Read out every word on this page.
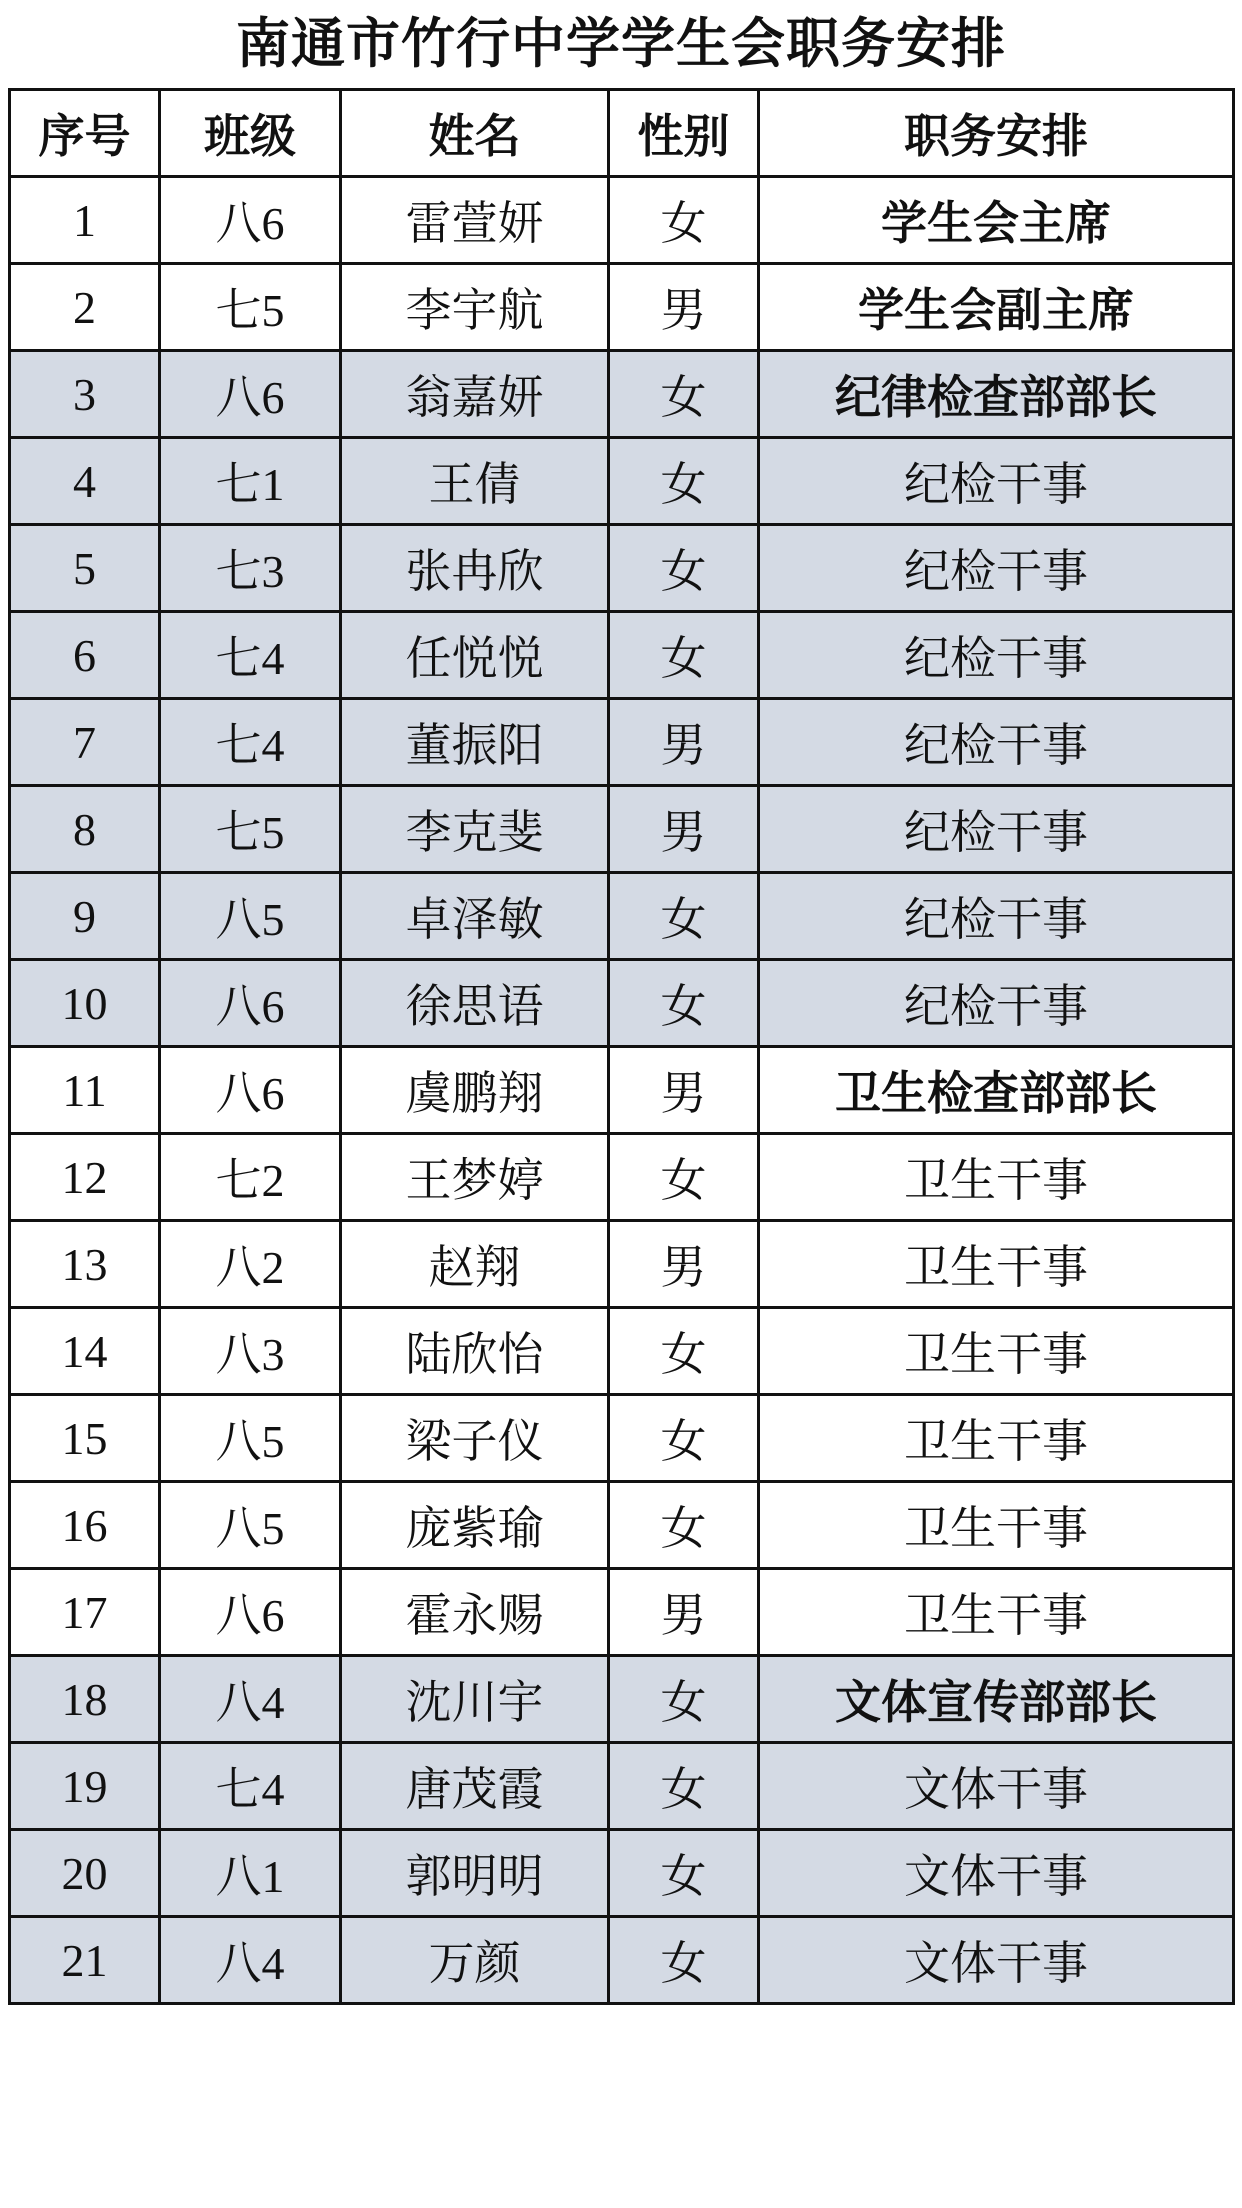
南通市竹行中学学生会职务安排
序号	班级	姓名	性别	职务安排
1	八6	雷萱妍	女	学生会主席
2	七5	李宇航	男	学生会副主席
3	八6	翁嘉妍	女	纪律检查部部长
4	七1	王倩	女	纪检干事
5	七3	张冉欣	女	纪检干事
6	七4	任悦悦	女	纪检干事
7	七4	董振阳	男	纪检干事
8	七5	李克斐	男	纪检干事
9	八5	卓泽敏	女	纪检干事
10	八6	徐思语	女	纪检干事
11	八6	虞鹏翔	男	卫生检查部部长
12	七2	王梦婷	女	卫生干事
13	八2	赵翔	男	卫生干事
14	八3	陆欣怡	女	卫生干事
15	八5	梁子仪	女	卫生干事
16	八5	庞紫瑜	女	卫生干事
17	八6	霍永赐	男	卫生干事
18	八4	沈川宇	女	文体宣传部部长
19	七4	唐茂霞	女	文体干事
20	八1	郭明明	女	文体干事
21	八4	万颜	女	文体干事
